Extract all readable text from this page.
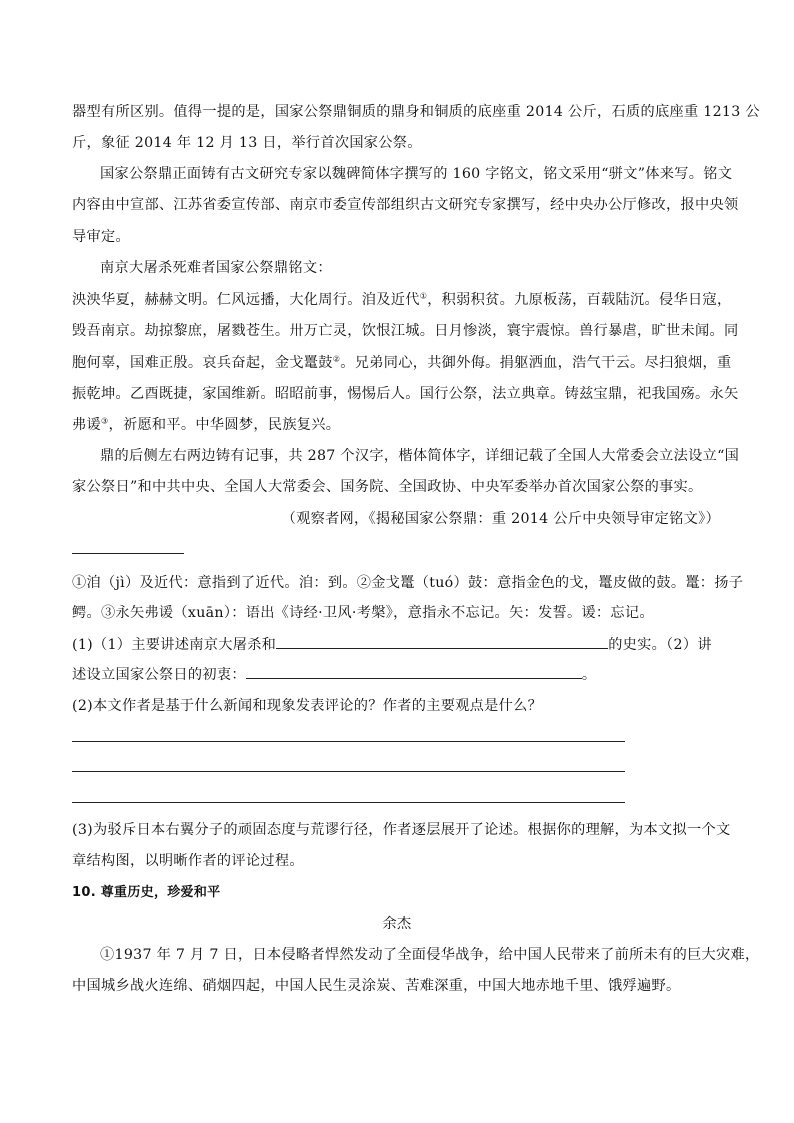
器型有所区别。值得一提的是，国家公祭鼎铜质的鼎身和铜质的底座重 2014 公斤，石质的底座重 1213 公
斤，象征 2014 年 12 月 13 日，举行首次国家公祭。
国家公祭鼎正面铸有古文研究专家以魏碑简体字撰写的 160 字铭文，铭文采用“骈文”体来写。铭文
内容由中宣部、江苏省委宣传部、南京市委宣传部组织古文研究专家撰写，经中央办公厅修改，报中央领
导审定。
南京大屠杀死难者国家公祭鼎铭文：
泱泱华夏，赫赫文明。仁风远播，大化周行。洎及近代①，积弱积贫。九原板荡，百载陆沉。侵华日寇，
毁吾南京。劫掠黎庶，屠戮苍生。卅万亡灵，饮恨江城。日月惨淡，寰宇震惊。兽行暴虐，旷世未闻。同
胞何辜，国难正殷。哀兵奋起，金戈鼍鼓②。兄弟同心，共御外侮。捐躯洒血，浩气干云。尽扫狼烟，重
振乾坤。乙酉既捷，家国维新。昭昭前事，惕惕后人。国行公祭，法立典章。铸兹宝鼎，祀我国殇。永矢
弗谖③，祈愿和平。中华圆梦，民族复兴。
鼎的后侧左右两边铸有记事，共 287 个汉字，楷体简体字，详细记载了全国人大常委会立法设立“国
家公祭日”和中共中央、全国人大常委会、国务院、全国政协、中央军委举办首次国家公祭的事实。
（观察者网，《揭秘国家公祭鼎：重 2014 公斤中央领导审定铭文》）
①洎（jì）及近代：意指到了近代。洎：到。②金戈鼍（tuó）鼓：意指金色的戈，鼍皮做的鼓。鼍：扬子
鳄。③永矢弗谖（xuān）：语出《诗经·卫风·考槃》，意指永不忘记。矢：发誓。谖：忘记。
(1)（1）主要讲述南京大屠杀和	的史实。（2）讲
述设立国家公祭日的初衷：	。
(2)本文作者是基于什么新闻和现象发表评论的？作者的主要观点是什么？
(3)为驳斥日本右翼分子的顽固态度与荒谬行径，作者逐层展开了论述。根据你的理解，为本文拟一个文
章结构图，以明晰作者的评论过程。
10. 尊重历史，珍爱和平
余杰
①1937 年 7 月 7 日，日本侵略者悍然发动了全面侵华战争，给中国人民带来了前所未有的巨大灾难，
中国城乡战火连绵、硝烟四起，中国人民生灵涂炭、苦难深重，中国大地赤地千里、饿殍遍野。
